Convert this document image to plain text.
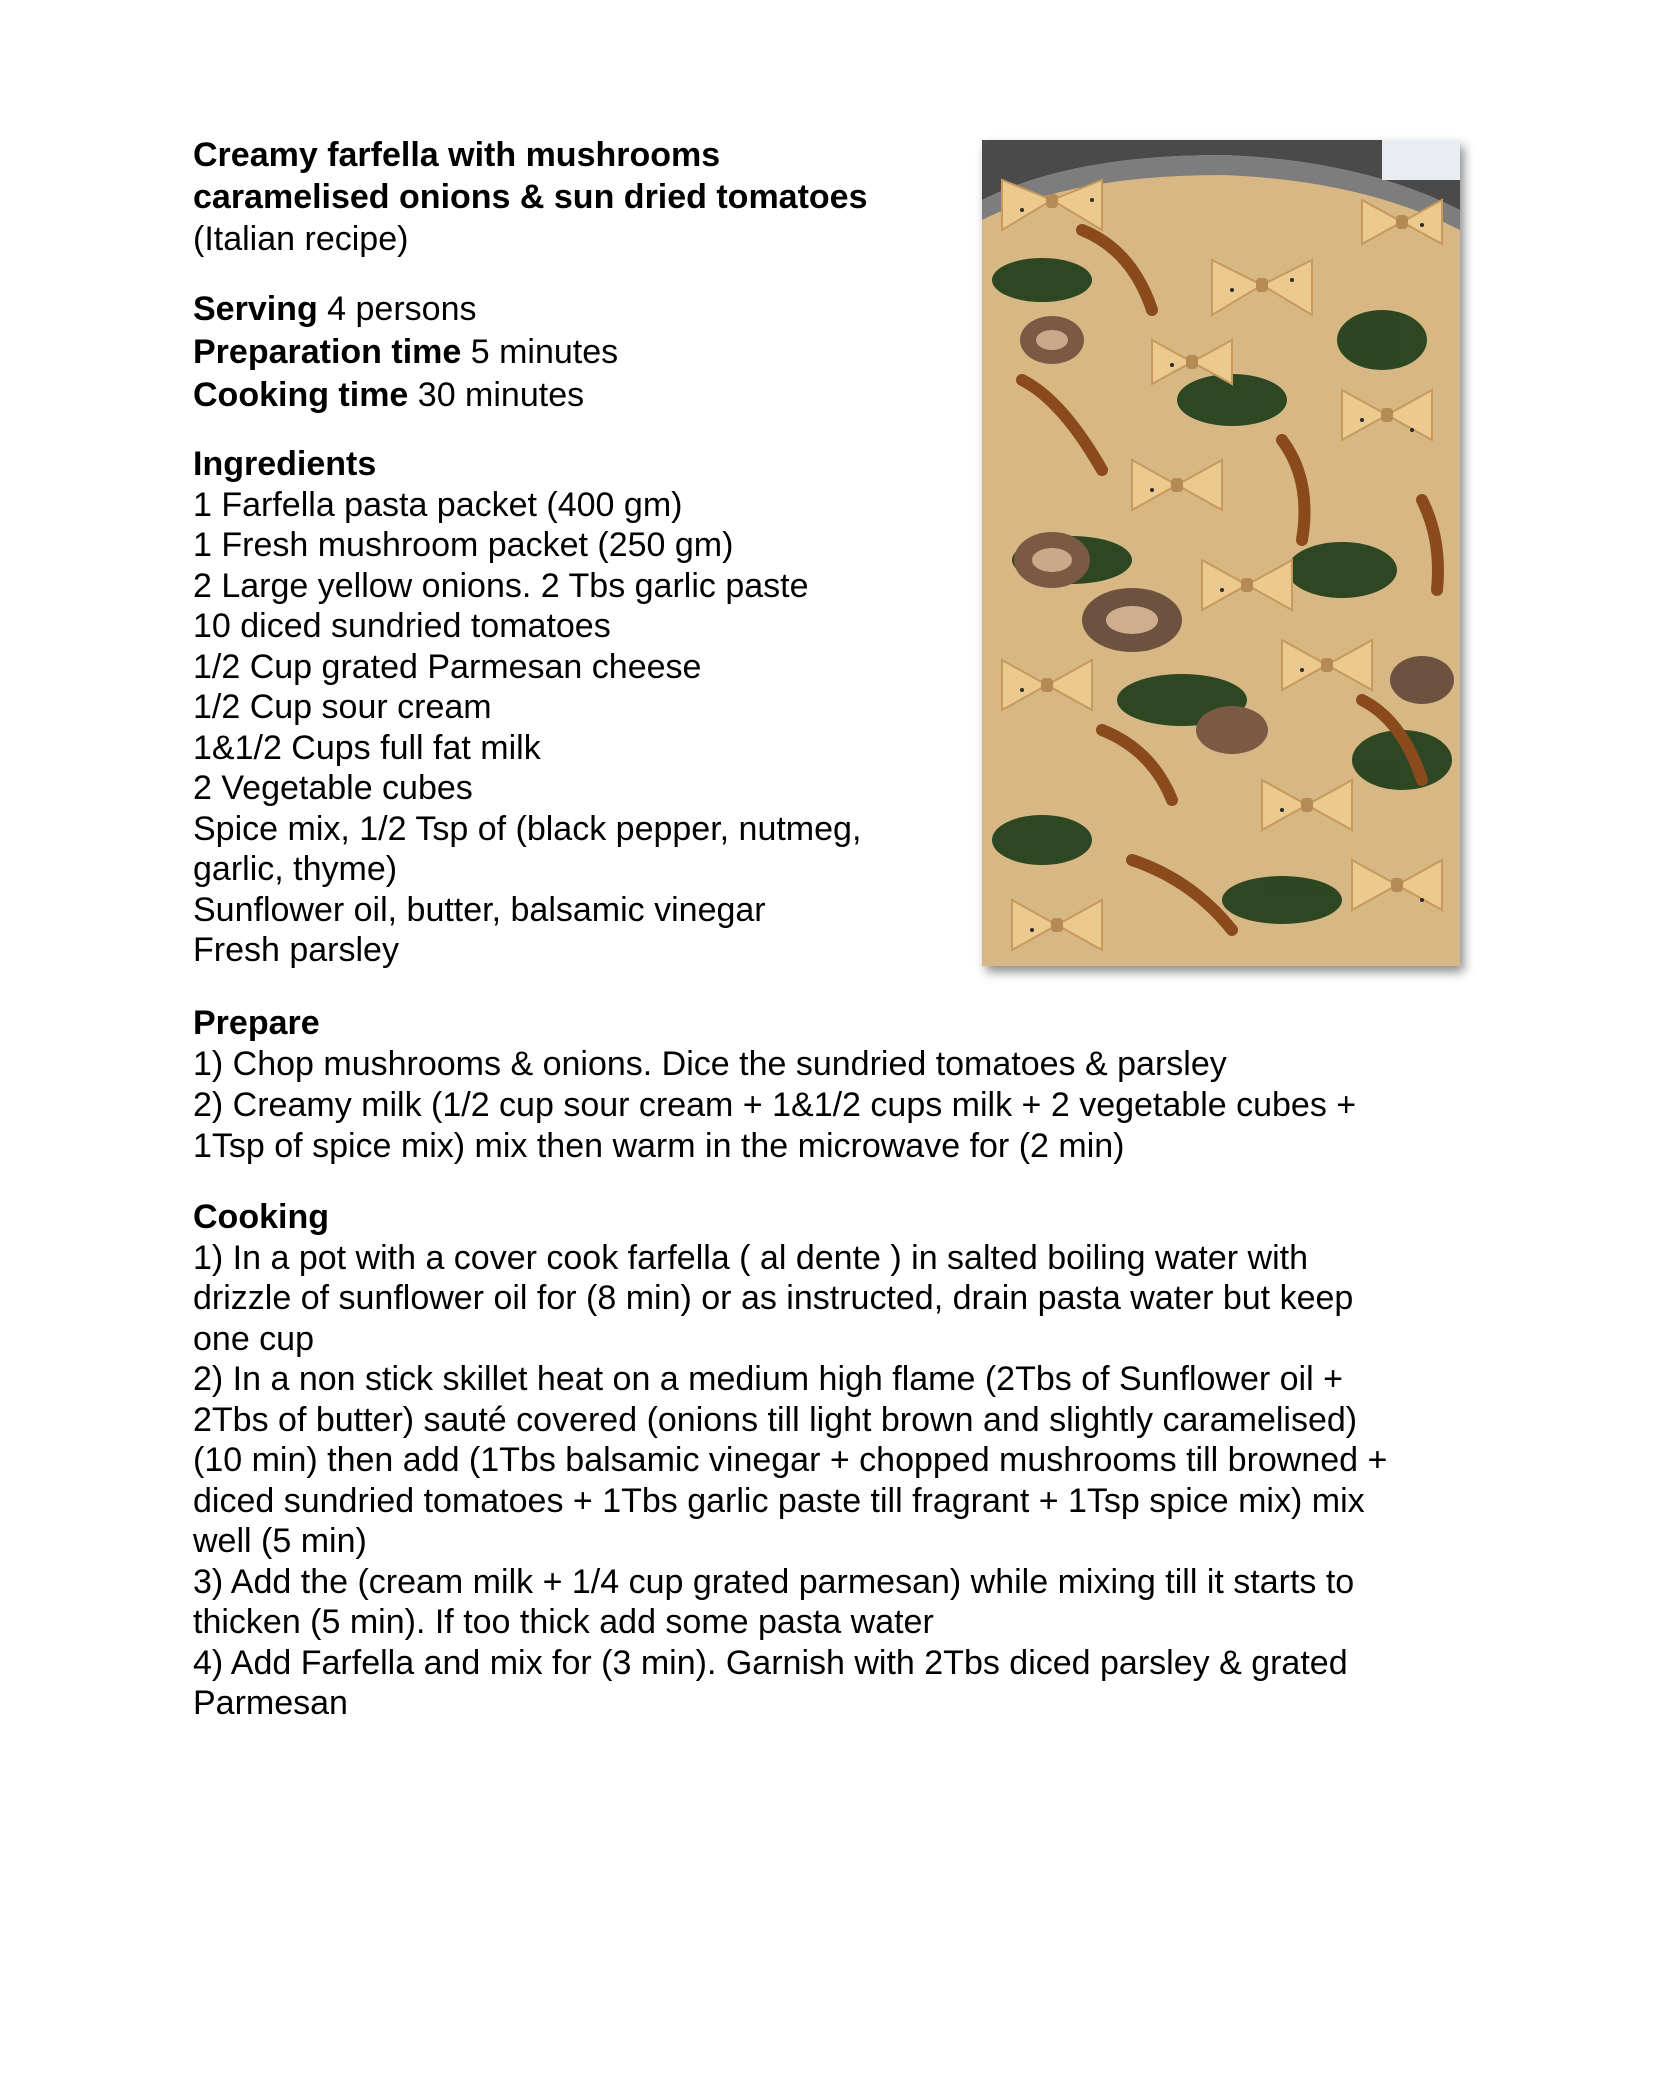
Creamy farfella with mushrooms
caramelised onions & sun dried tomatoes
(Italian recipe)
Serving 4 persons
Preparation time 5 minutes
Cooking time 30 minutes
Ingredients
1 Farfella pasta packet (400 gm)
1 Fresh mushroom packet (250 gm)
2 Large yellow onions. 2 Tbs garlic paste
10 diced sundried tomatoes
1/2 Cup grated Parmesan cheese
1/2 Cup sour cream
1&1/2 Cups full fat milk
2 Vegetable cubes
Spice mix, 1/2 Tsp of (black pepper, nutmeg,
garlic, thyme)
Sunflower oil, butter, balsamic vinegar
Fresh parsley
Prepare
1) Chop mushrooms & onions. Dice the sundried tomatoes & parsley
2) Creamy milk (1/2 cup sour cream + 1&1/2 cups milk + 2 vegetable cubes +
1Tsp of spice mix) mix then warm in the microwave for (2 min)
Cooking
1) In a pot with a cover cook farfella ( al dente ) in salted boiling water with
drizzle of sunflower oil for (8 min) or as instructed, drain pasta water but keep
one cup
2) In a non stick skillet heat on a medium high flame (2Tbs of Sunflower oil +
2Tbs of butter) sauté covered (onions till light brown and slightly caramelised)
(10 min) then add (1Tbs balsamic vinegar + chopped mushrooms till browned +
diced sundried tomatoes + 1Tbs garlic paste till fragrant + 1Tsp spice mix) mix
well (5 min)
3) Add the (cream milk + 1/4 cup grated parmesan) while mixing till it starts to
thicken (5 min). If too thick add some pasta water
4) Add Farfella and mix for (3 min). Garnish with 2Tbs diced parsley & grated
Parmesan
